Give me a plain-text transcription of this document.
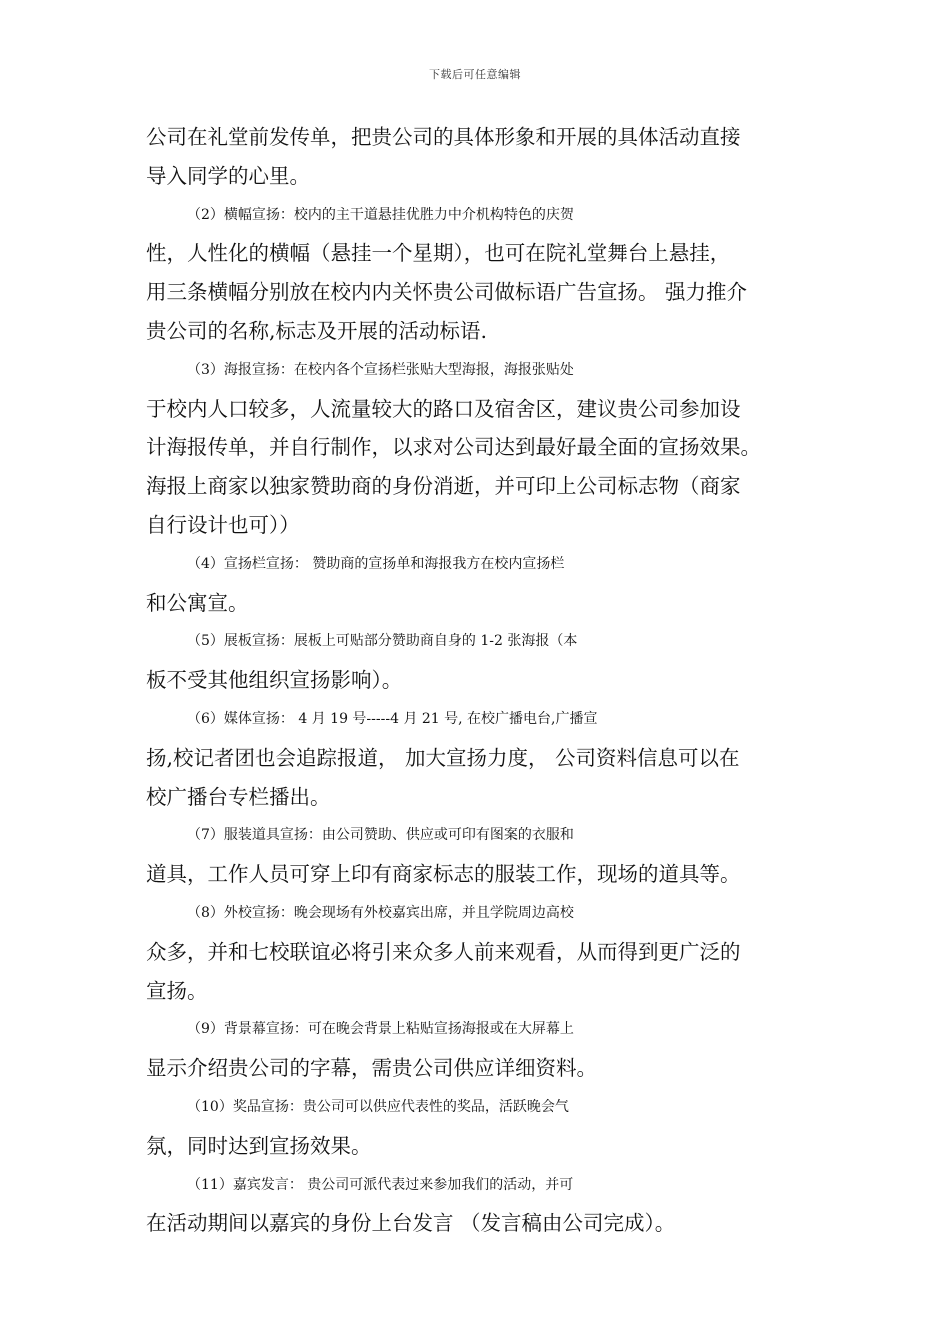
下载后可任意编辑
公司在礼堂前发传单，把贵公司的具体形象和开展的具体活动直接
导入同学的心里。
（2）横幅宣扬：校内的主干道悬挂优胜力中介机构特色的庆贺
性，人性化的横幅（悬挂一个星期），也可在院礼堂舞台上悬挂，
用三条横幅分别放在校内内关怀贵公司做标语广告宣扬。 强力推介
贵公司的名称,标志及开展的活动标语.
（3）海报宣扬：在校内各个宣扬栏张贴大型海报，海报张贴处
于校内人口较多，人流量较大的路口及宿舍区，建议贵公司参加设
计海报传单，并自行制作，以求对公司达到最好最全面的宣扬效果。
海报上商家以独家赞助商的身份消逝，并可印上公司标志物（商家
自行设计也可））
（4）宣扬栏宣扬： 赞助商的宣扬单和海报我方在校内宣扬栏
和公寓宣。
（5）展板宣扬：展板上可贴部分赞助商自身的 1-2 张海报（本
板不受其他组织宣扬影响）。
（6）媒体宣扬： 4 月 19 号-----4 月 21 号, 在校广播电台,广播宣
扬,校记者团也会追踪报道， 加大宣扬力度， 公司资料信息可以在
校广播台专栏播出。
（7）服装道具宣扬：由公司赞助、供应或可印有图案的衣服和
道具，工作人员可穿上印有商家标志的服装工作，现场的道具等。
（8）外校宣扬：晚会现场有外校嘉宾出席，并且学院周边高校
众多，并和七校联谊必将引来众多人前来观看，从而得到更广泛的
宣扬。
（9）背景幕宣扬：可在晚会背景上粘贴宣扬海报或在大屏幕上
显示介绍贵公司的字幕，需贵公司供应详细资料。
（10）奖品宣扬：贵公司可以供应代表性的奖品，活跃晚会气
氛，同时达到宣扬效果。
（11）嘉宾发言： 贵公司可派代表过来参加我们的活动，并可
在活动期间以嘉宾的身份上台发言 （发言稿由公司完成）。
